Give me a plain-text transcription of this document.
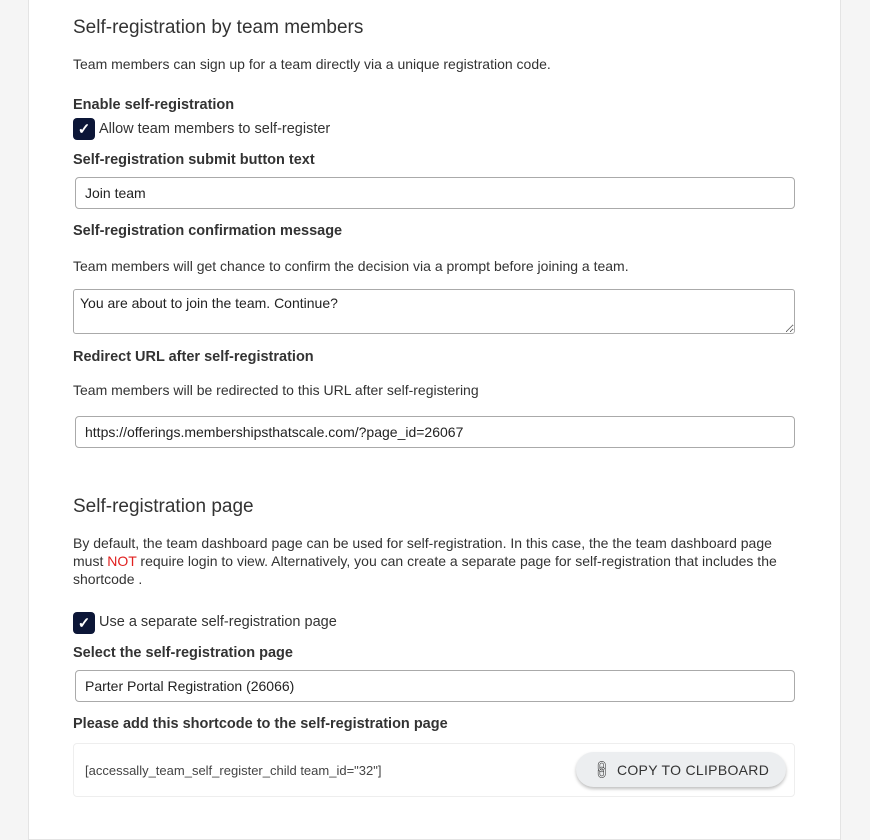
Self-registration by team members
Team members can sign up for a team directly via a unique registration code.
Enable self-registration
✓ Allow team members to self-register
Self-registration submit button text
Join team
Self-registration confirmation message
Team members will get chance to confirm the decision via a prompt before joining a team.
You are about to join the team. Continue?
Redirect URL after self-registration
Team members will be redirected to this URL after self-registering
https://offerings.membershipsthatscale.com/?page_id=26067
Self-registration page
By default, the team dashboard page can be used for self-registration. In this case, the the team dashboard page must NOT require login to view. Alternatively, you can create a separate page for self-registration that includes the shortcode .
✓ Use a separate self-registration page
Select the self-registration page
Parter Portal Registration (26066)
Please add this shortcode to the self-registration page
[accessally_team_self_register_child team_id="32"]	🔗︎ COPY TO CLIPBOARD
